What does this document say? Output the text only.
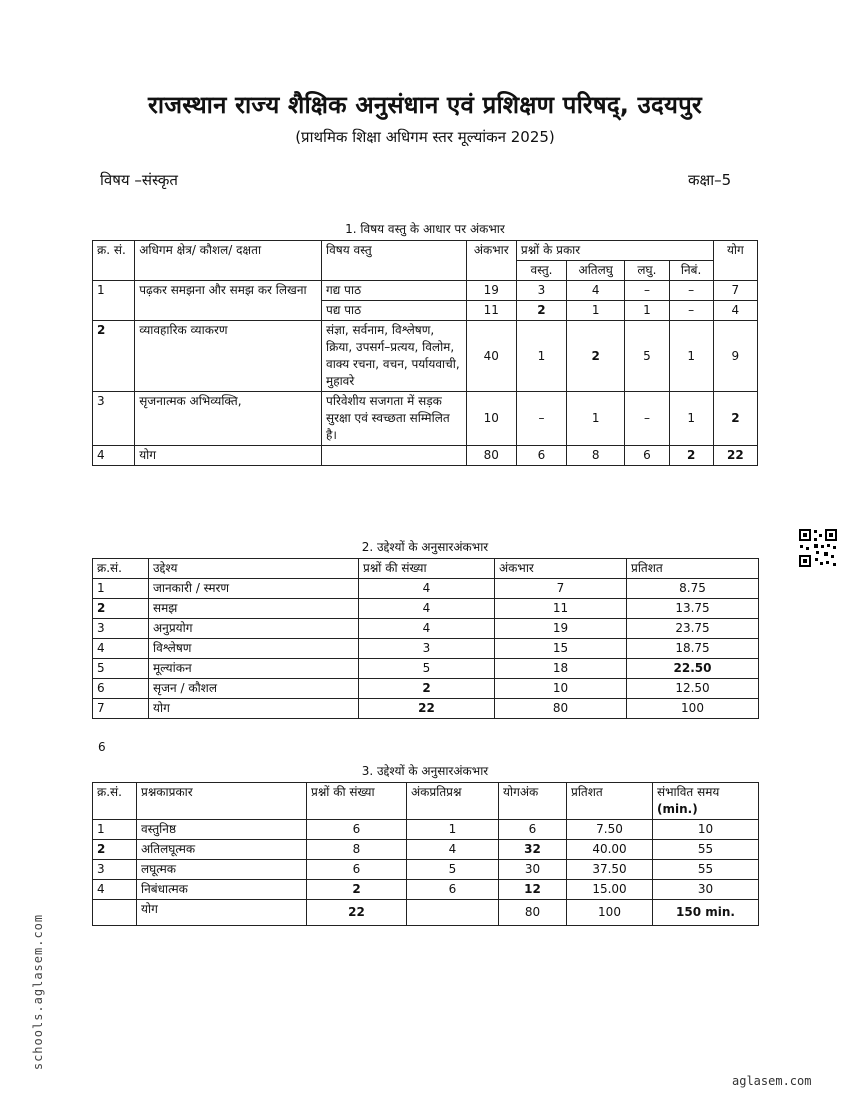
राजस्थान राज्य शैक्षिक अनुसंधान एवं प्रशिक्षण परिषद्, उदयपुर
(प्राथमिक शिक्षा अधिगम स्तर मूल्यांकन 2025)
विषय –संस्कृत	कक्षा–5
1. विषय वस्तु के आधार पर अंकभार
क्र. सं.	अधिगम क्षेत्र/ कौशल/ दक्षता	विषय वस्तु	अंकभार	प्रश्नों के प्रकार				योग
				वस्तु.	अतिलघु	लघु.	निबं.	
1	पढ़कर समझना और समझ कर लिखना	गद्य पाठ	19	3	4	–	–	7
		पद्य पाठ	11	2	1	1	–	4
2	व्यावहारिक व्याकरण	संज्ञा, सर्वनाम, विश्लेषण, क्रिया, उपसर्ग–प्रत्यय, विलोम, वाक्य रचना, वचन, पर्यायवाची, मुहावरे	40	1	2	5	1	9
3	सृजनात्मक अभिव्यक्ति,	परिवेशीय सजगता में सड़क सुरक्षा एवं स्वच्छता सम्मिलित है।	10	–	1	–	1	2
4	योग		80	6	8	6	2	22
2. उद्देश्यों के अनुसारअंकभार
क्र.सं.	उद्देश्य	प्रश्नों की संख्या	अंकभार	प्रतिशत
1	जानकारी / स्मरण	4	7	8.75
2	समझ	4	11	13.75
3	अनुप्रयोग	4	19	23.75
4	विश्लेषण	3	15	18.75
5	मूल्यांकन	5	18	22.50
6	सृजन / कौशल	2	10	12.50
7	योग	22	80	100
6
3. उद्देश्यों के अनुसारअंकभार
क्र.सं.	प्रश्नकाप्रकार	प्रश्नों की संख्या	अंकप्रतिप्रश्न	योगअंक	प्रतिशत	संभावित समय
(min.)

1	वस्तुनिष्ठ	6	1	6	7.50	10
2	अतिलघूत्मक	8	4	32	40.00	55
3	लघूत्मक	6	5	30	37.50	55
4	निबंधात्मक	2	6	12	15.00	30
	योग	22		80	100	150 min.
schools.aglasem.com
aglasem.com
